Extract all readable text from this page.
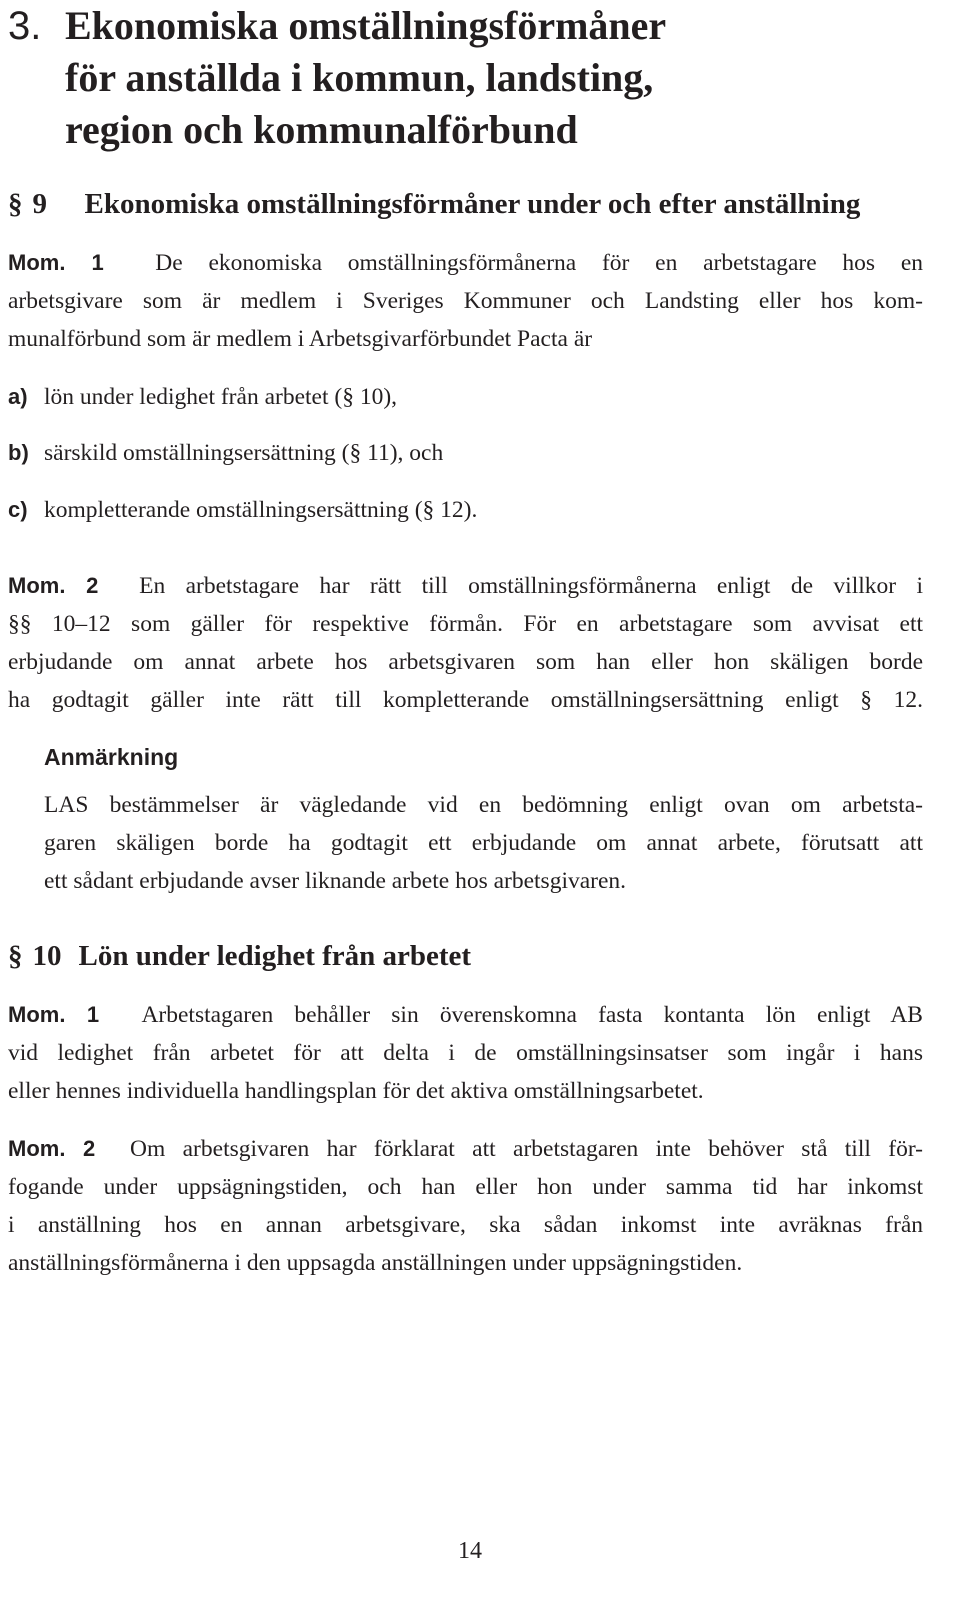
3. Ekonomiska omställningsförmåner
för anställda i kommun, landsting,
region och kommunalförbund
§ 9 Ekonomiska omställningsförmåner under och efter anställning
Mom. 1 De ekonomiska omställningsförmånerna för en arbetstagare hos en
arbetsgivare som är medlem i Sveriges Kommuner och Landsting eller hos kom-
munalförbund som är medlem i Arbetsgivarförbundet Pacta är
a) lön under ledighet från arbetet (§ 10),
b) särskild omställningsersättning (§ 11), och
c) kompletterande omställningsersättning (§ 12).
Mom. 2 En arbetstagare har rätt till omställningsförmånerna enligt de villkor i
§§ 10–12 som gäller för respektive förmån. För en arbetstagare som avvisat ett
erbjudande om annat arbete hos arbetsgivaren som han eller hon skäligen borde
ha godtagit gäller inte rätt till kompletterande omställningsersättning enligt § 12.
Anmärkning
LAS bestämmelser är vägledande vid en bedömning enligt ovan om arbetsta-
garen skäligen borde ha godtagit ett erbjudande om annat arbete, förutsatt att
ett sådant erbjudande avser liknande arbete hos arbetsgivaren.
§ 10 Lön under ledighet från arbetet
Mom. 1 Arbetstagaren behåller sin överenskomna fasta kontanta lön enligt AB
vid ledighet från arbetet för att delta i de omställningsinsatser som ingår i hans
eller hennes individuella handlingsplan för det aktiva omställningsarbetet.
Mom. 2 Om arbetsgivaren har förklarat att arbetstagaren inte behöver stå till för-
fogande under uppsägningstiden, och han eller hon under samma tid har inkomst
i anställning hos en annan arbetsgivare, ska sådan inkomst inte avräknas från
anställningsförmånerna i den uppsagda anställningen under uppsägningstiden.
14
